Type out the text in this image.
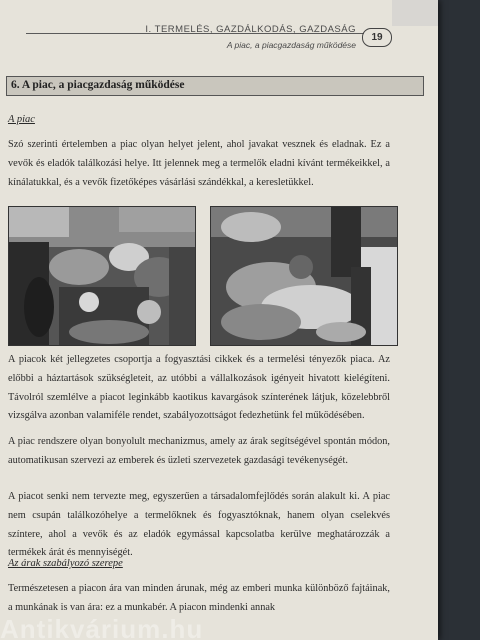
I. TERMELÉS, GAZDÁLKODÁS, GAZDASÁG
19
A piac, a piacgazdaság működése
6. A piac, a piacgazdaság működése
A piac

Szó szerinti értelemben a piac olyan helyet jelent, ahol javakat vesznek és eladnak. Ez a vevők és eladók találkozási helye. Itt jelennek meg a termelők eladni kívánt termékeikkel, a kínálatukkal, és a vevők fizetőképes vásárlási szándékkal, a keresletükkel.

A piacok két jellegzetes csoportja a fogyasztási cikkek és a termelési tényezők piaca. Az előbbi a háztartások szükségleteit, az utóbbi a vállalkozások igényeit hivatott kielégíteni. Távolról szemlélve a piacot leginkább kaotikus kavargások színterének látjuk, közelebbről vizsgálva azonban valamiféle rendet, szabályozottságot fedezhetünk fel működésében.

A piac rendszere olyan bonyolult mechanizmus, amely az árak segítségével spontán módon, automatikusan szervezi az emberek és üzleti szervezetek gazdasági tevékenységét.

A piacot senki nem tervezte meg, egyszerűen a társadalomfejlődés során alakult ki. A piac nem csupán találkozóhelye a termelőknek és fogyasztóknak, hanem olyan cselekvés színtere, ahol a vevők és az eladók egymással kapcsolatba kerülve meghatározzák a termékek árát és mennyiségét.

Az árak szabályozó szerepe

Természetesen a piacon ára van minden árunak, még az emberi munka különböző fajtáinak, a munkának is van ára: ez a munkabér. A piacon mindenki annak

Antikvárium.hu
